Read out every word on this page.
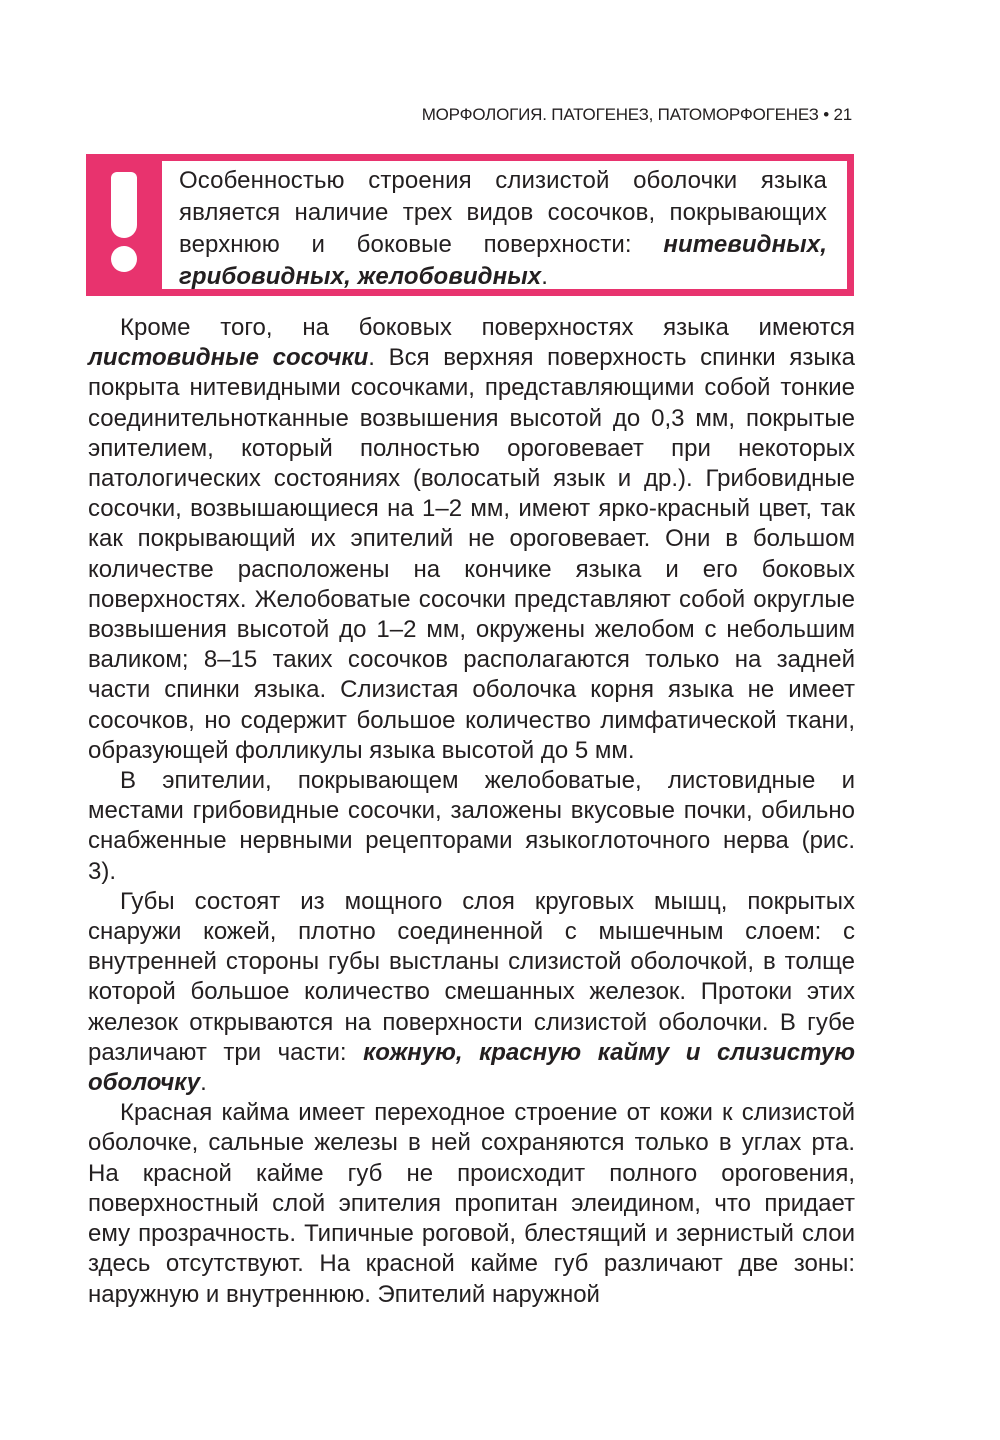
МОРФОЛОГИЯ. ПАТОГЕНЕЗ, ПАТОМОРФОГЕНЕЗ • 21
Особенностью строения слизистой оболочки языка является наличие трех видов сосочков, покрывающих верхнюю и боковые поверхности: нитевидных, грибовидных, желобовидных.

Кроме того, на боковых поверхностях языка имеются листовидные сосочки. Вся верхняя поверхность спинки языка покрыта нитевидными сосочками, представляющими собой тонкие соединительнотканные возвышения высотой до 0,3 мм, покрытые эпителием, который полностью ороговевает при некоторых патологических состояниях (волосатый язык и др.). Грибовидные сосочки, возвышающиеся на 1–2 мм, имеют ярко-красный цвет, так как покрывающий их эпителий не ороговевает. Они в большом количестве расположены на кончике языка и его боковых поверхностях. Желобоватые сосочки представляют собой округлые возвышения высотой до 1–2 мм, окружены желобом с небольшим валиком; 8–15 таких сосочков располагаются только на задней части спинки языка. Слизистая оболочка корня языка не имеет сосочков, но содержит большое количество лимфатической ткани, образующей фолликулы языка высотой до 5 мм.

В эпителии, покрывающем желобоватые, листовидные и местами грибовидные сосочки, заложены вкусовые почки, обильно снабженные нервными рецепторами языкоглоточного нерва (рис. 3).

Губы состоят из мощного слоя круговых мышц, покрытых снаружи кожей, плотно соединенной с мышечным слоем: с внутренней стороны губы выстланы слизистой оболочкой, в толще которой большое количество смешанных железок. Протоки этих железок открываются на поверхности слизистой оболочки. В губе различают три части: кожную, красную кайму и слизистую оболочку.

Красная кайма имеет переходное строение от кожи к слизистой оболочке, сальные железы в ней сохраняются только в углах рта. На красной кайме губ не происходит полного ороговения, поверхностный слой эпителия пропитан элеидином, что придает ему прозрачность. Типичные роговой, блестящий и зернистый слои здесь отсутствуют. На красной кайме губ различают две зоны: наружную и внутреннюю. Эпителий наружной
